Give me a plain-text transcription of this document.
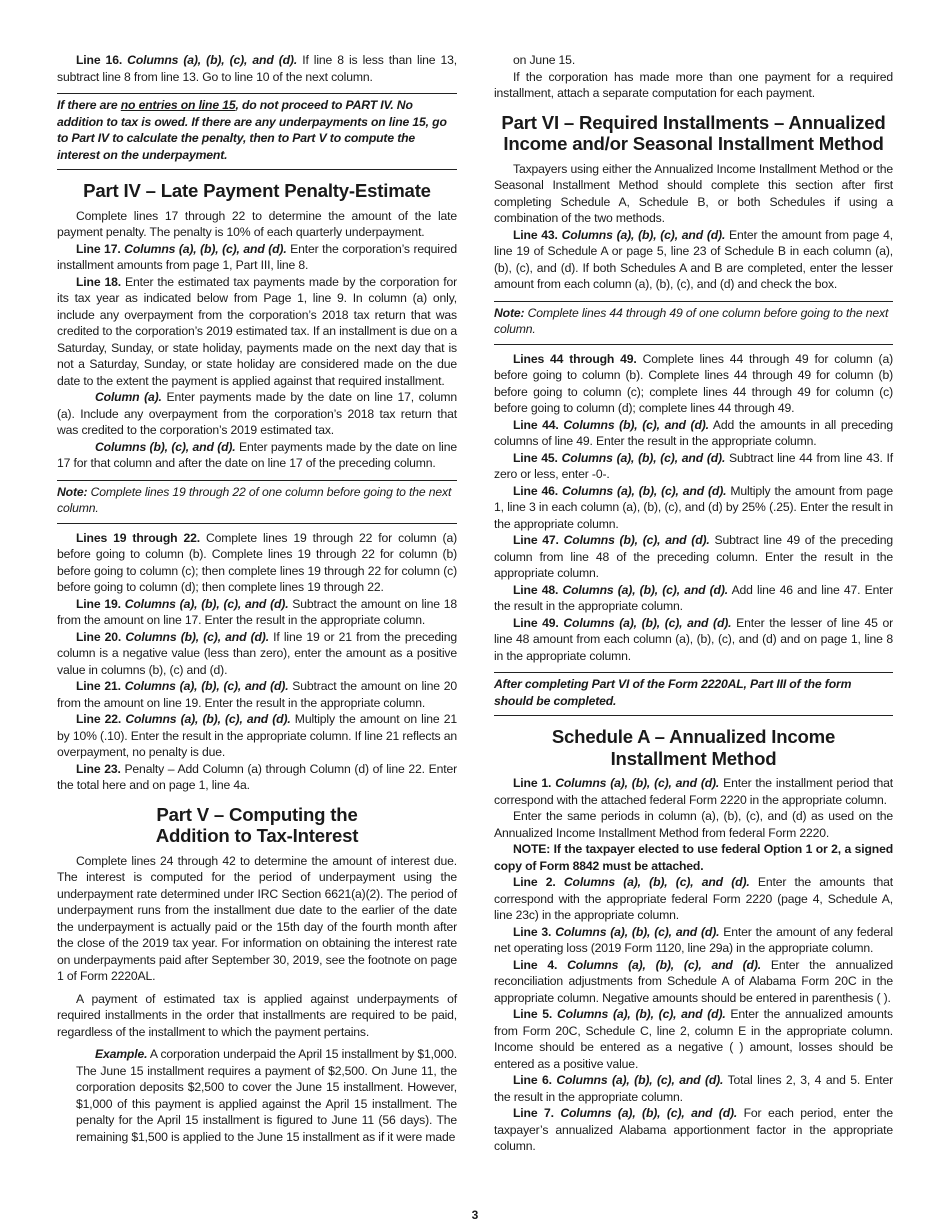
Line 16. Columns (a), (b), (c), and (d). If line 8 is less than line 13, subtract line 8 from line 13. Go to line 10 of the next column.

If there are no entries on line 15, do not proceed to PART IV. No addition to tax is owed. If there are any underpayments on line 15, go to Part IV to calculate the penalty, then to Part V to compute the interest on the underpayment.

Part IV – Late Payment Penalty-Estimate

Complete lines 17 through 22 to determine the amount of the late payment penalty. The penalty is 10% of each quarterly underpayment.

Line 17. Columns (a), (b), (c), and (d). Enter the corporation’s required installment amounts from page 1, Part III, line 8.

Line 18. Enter the estimated tax payments made by the corporation for its tax year as indicated below from Page 1, line 9. In column (a) only, include any overpayment from the corporation’s 2018 tax return that was credited to the corporation’s 2019 estimated tax. If an installment is due on a Saturday, Sunday, or state holiday, payments made on the next day that is not a Saturday, Sunday, or state holiday are considered made on the due date to the extent the payment is applied against that required installment.

Column (a). Enter payments made by the date on line 17, column (a). Include any overpayment from the corporation’s 2018 tax return that was credited to the corporation’s 2019 estimated tax.

Columns (b), (c), and (d). Enter payments made by the date on line 17 for that column and after the date on line 17 of the preceding column.

Note: Complete lines 19 through 22 of one column before going to the next column.

Lines 19 through 22. Complete lines 19 through 22 for column (a) before going to column (b). Complete lines 19 through 22 for column (b) before going to column (c); then complete lines 19 through 22 for column (c) before going to column (d); then complete lines 19 through 22.

Line 19. Columns (a), (b), (c), and (d). Subtract the amount on line 18 from the amount on line 17. Enter the result in the appropriate column.

Line 20. Columns (b), (c), and (d). If line 19 or 21 from the preceding column is a negative value (less than zero), enter the amount as a positive value in columns (b), (c) and (d).

Line 21. Columns (a), (b), (c), and (d). Subtract the amount on line 20 from the amount on line 19. Enter the result in the appropriate column.

Line 22. Columns (a), (b), (c), and (d). Multiply the amount on line 21 by 10% (.10). Enter the result in the appropriate column. If line 21 reflects an overpayment, no penalty is due.

Line 23. Penalty – Add Column (a) through Column (d) of line 22. Enter the total here and on page 1, line 4a.

Part V – Computing the
Addition to Tax-Interest

Complete lines 24 through 42 to determine the amount of interest due. The interest is computed for the period of underpayment using the underpayment rate determined under IRC Section 6621(a)(2). The period of underpayment runs from the installment due date to the earlier of the date the underpayment is actually paid or the 15th day of the fourth month after the close of the 2019 tax year. For information on obtaining the interest rate on underpayments paid after September 30, 2019, see the footnote on page 1 of Form 2220AL.

A payment of estimated tax is applied against underpayments of required installments in the order that installments are required to be paid, regardless of the installment to which the payment pertains.

Example. A corporation underpaid the April 15 installment by $1,000. The June 15 installment requires a payment of $2,500. On June 11, the corporation deposits $2,500 to cover the June 15 installment. However, $1,000 of this payment is applied against the April 15 installment. The penalty for the April 15 installment is figured to June 11 (56 days). The remaining $1,500 is applied to the June 15 installment as if it were made

on June 15.

If the corporation has made more than one payment for a required installment, attach a separate computation for each payment.

Part VI – Required Installments – Annualized
Income and/or Seasonal Installment Method

Taxpayers using either the Annualized Income Installment Method or the Seasonal Installment Method should complete this section after first completing Schedule A, Schedule B, or both Schedules if using a combination of the two methods.

Line 43. Columns (a), (b), (c), and (d). Enter the amount from page 4, line 19 of Schedule A or page 5, line 23 of Schedule B in each column (a), (b), (c), and (d). If both Schedules A and B are completed, enter the lesser amount from each column (a), (b), (c), and (d) and check the box.

Note: Complete lines 44 through 49 of one column before going to the next column.

Lines 44 through 49. Complete lines 44 through 49 for column (a) before going to column (b). Complete lines 44 through 49 for column (b) before going to column (c); complete lines 44 through 49 for column (c) before going to column (d); complete lines 44 through 49.

Line 44. Columns (b), (c), and (d). Add the amounts in all preceding columns of line 49. Enter the result in the appropriate column.

Line 45. Columns (a), (b), (c), and (d). Subtract line 44 from line 43. If zero or less, enter -0-.

Line 46. Columns (a), (b), (c), and (d). Multiply the amount from page 1, line 3 in each column (a), (b), (c), and (d) by 25% (.25). Enter the result in the appropriate column.

Line 47. Columns (b), (c), and (d). Subtract line 49 of the preceding column from line 48 of the preceding column. Enter the result in the appropriate column.

Line 48. Columns (a), (b), (c), and (d). Add line 46 and line 47. Enter the result in the appropriate column.

Line 49. Columns (a), (b), (c), and (d). Enter the lesser of line 45 or line 48 amount from each column (a), (b), (c), and (d) and on page 1, line 8 in the appropriate column.

After completing Part VI of the Form 2220AL, Part III of the form should be completed.

Schedule A – Annualized Income
Installment Method

Line 1. Columns (a), (b), (c), and (d). Enter the installment period that correspond with the attached federal Form 2220 in the appropriate column.

Enter the same periods in column (a), (b), (c), and (d) as used on the Annualized Income Installment Method from federal Form 2220.

NOTE: If the taxpayer elected to use federal Option 1 or 2, a signed copy of Form 8842 must be attached.

Line 2. Columns (a), (b), (c), and (d). Enter the amounts that correspond with the appropriate federal Form 2220 (page 4, Schedule A, line 23c) in the appropriate column.

Line 3. Columns (a), (b), (c), and (d). Enter the amount of any federal net operating loss (2019 Form 1120, line 29a) in the appropriate column.

Line 4. Columns (a), (b), (c), and (d). Enter the annualized reconciliation adjustments from Schedule A of Alabama Form 20C in the appropriate column. Negative amounts should be entered in parenthesis ( ).

Line 5. Columns (a), (b), (c), and (d). Enter the annualized amounts from Form 20C, Schedule C, line 2, column E in the appropriate column. Income should be entered as a negative ( ) amount, losses should be entered as a positive value.

Line 6. Columns (a), (b), (c), and (d). Total lines 2, 3, 4 and 5. Enter the result in the appropriate column.

Line 7. Columns (a), (b), (c), and (d). For each period, enter the taxpayer’s annualized Alabama apportionment factor in the appropriate column.

3
